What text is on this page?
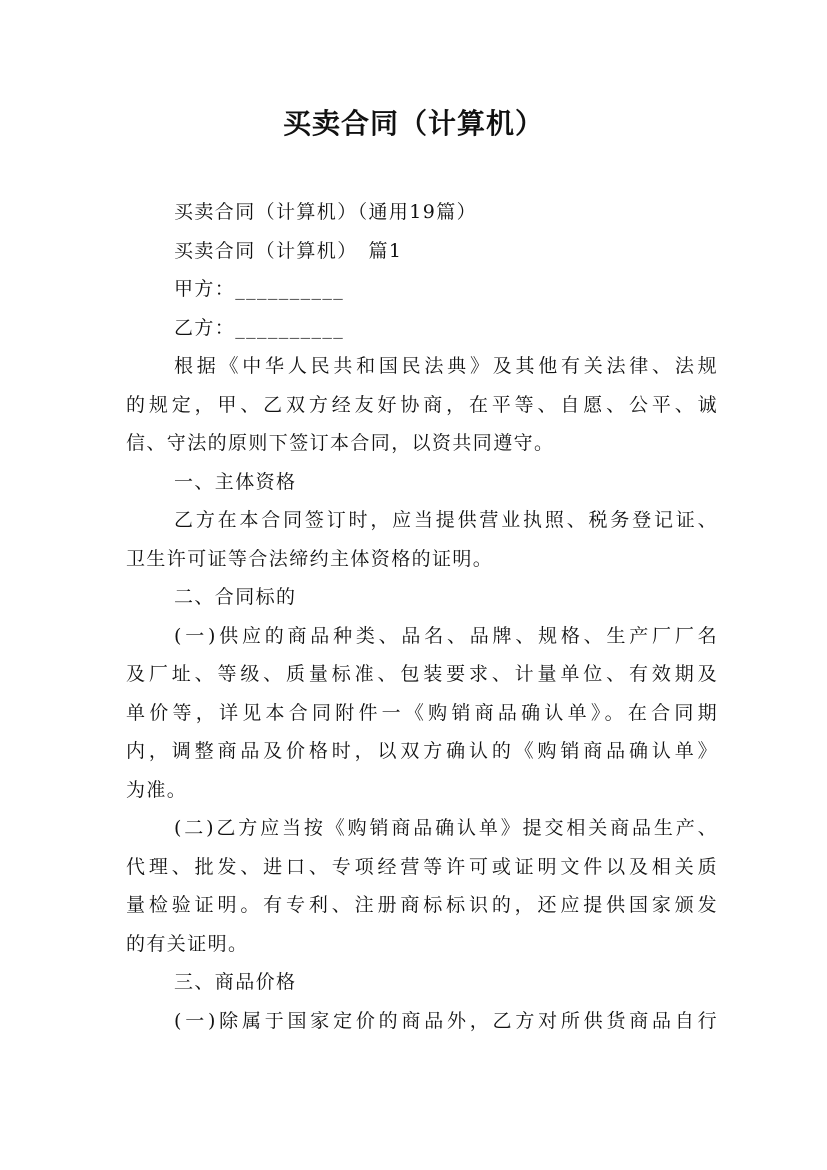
买卖合同（计算机）
买卖合同（计算机）（通用19篇）
买卖合同（计算机）　篇1
甲方：__________
乙方：__________
根据《中华人民共和国民法典》及其他有关法律、法规
的规定，甲、乙双方经友好协商，在平等、自愿、公平、诚
信、守法的原则下签订本合同，以资共同遵守。
一、主体资格
乙方在本合同签订时，应当提供营业执照、税务登记证、
卫生许可证等合法缔约主体资格的证明。
二、合同标的
(一)供应的商品种类、品名、品牌、规格、生产厂厂名
及厂址、等级、质量标准、包装要求、计量单位、有效期及
单价等，详见本合同附件一《购销商品确认单》。在合同期
内，调整商品及价格时，以双方确认的《购销商品确认单》
为准。
(二)乙方应当按《购销商品确认单》提交相关商品生产、
代理、批发、进口、专项经营等许可或证明文件以及相关质
量检验证明。有专利、注册商标标识的，还应提供国家颁发
的有关证明。
三、商品价格
(一)除属于国家定价的商品外，乙方对所供货商品自行
